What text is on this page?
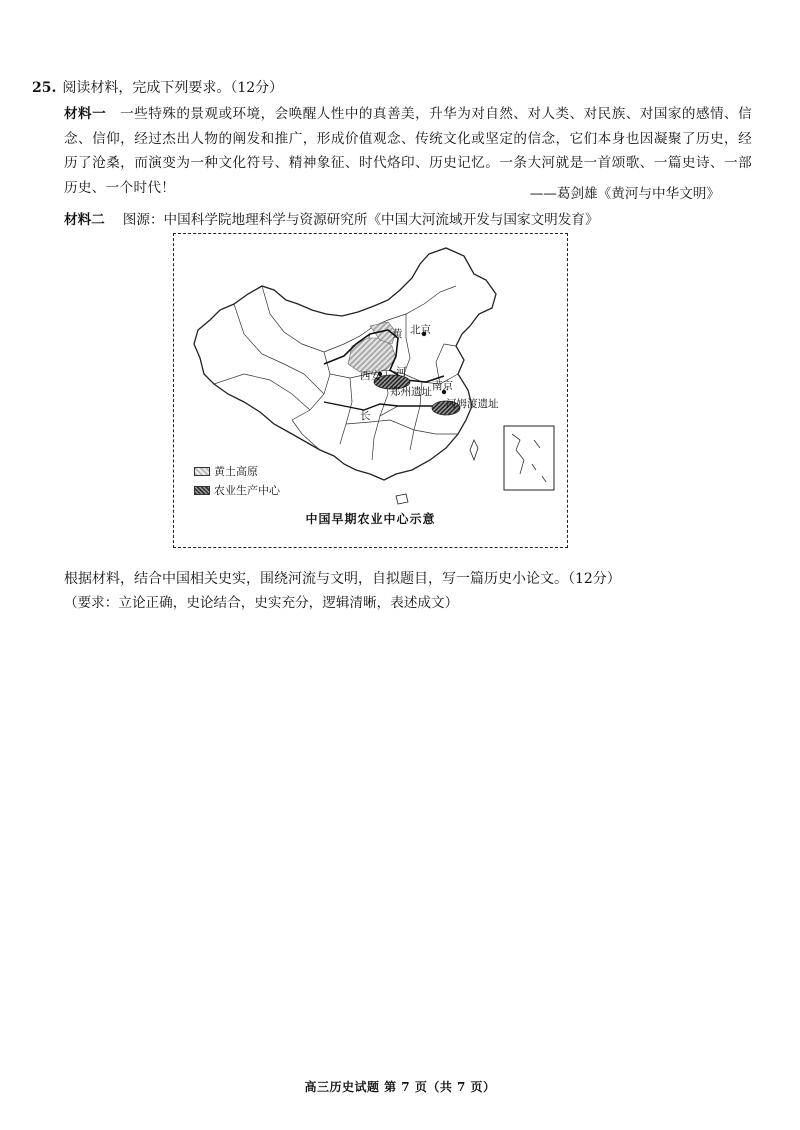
25. 阅读材料，完成下列要求。（12分）
材料一 一些特殊的景观或环境，会唤醒人性中的真善美，升华为对自然、对人类、对民族、对国家的感情、信念、信仰，经过杰出人物的阐发和推广，形成价值观念、传统文化或坚定的信念，它们本身也因凝聚了历史，经历了沧桑，而演变为一种文化符号、精神象征、时代烙印、历史记忆。一条大河就是一首颂歌、一篇史诗、一部历史、一个时代！	——葛剑雄《黄河与中华文明》
材料二 图源：中国科学院地理科学与资源研究所《中国大河流域开发与国家文明发育》
北京
黄
西安 河
郑州遗址 南京
河姆渡遗址
长
黄土高原
农业生产中心
中国早期农业中心示意
根据材料，结合中国相关史实，围绕河流与文明，自拟题目，写一篇历史小论文。（12分）
（要求：立论正确，史论结合，史实充分，逻辑清晰，表述成文）
高三历史试题 第 7 页（共 7 页）
